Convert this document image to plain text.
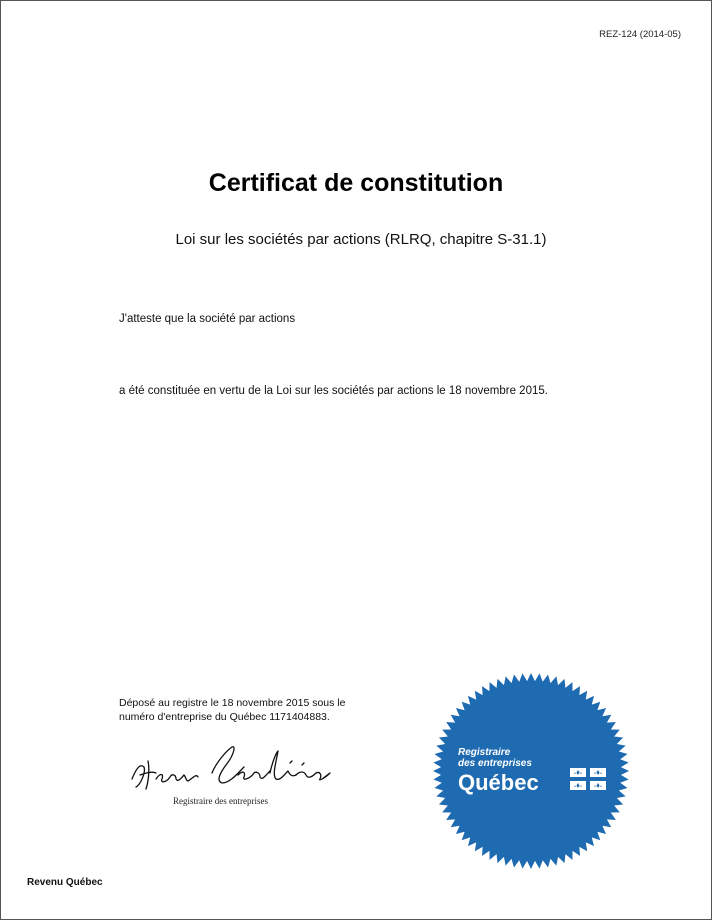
REZ-124 (2014-05)
Certificat de constitution
Loi sur les sociétés par actions (RLRQ, chapitre S-31.1)
J'atteste que la société par actions
a été constituée en vertu de la Loi sur les sociétés par actions le 18 novembre 2015.
Déposé au registre le 18 novembre 2015 sous le
numéro d'entreprise du Québec 1171404883.
Registraire des entreprises
Registraire
des entreprises
Québec
Revenu Québec
